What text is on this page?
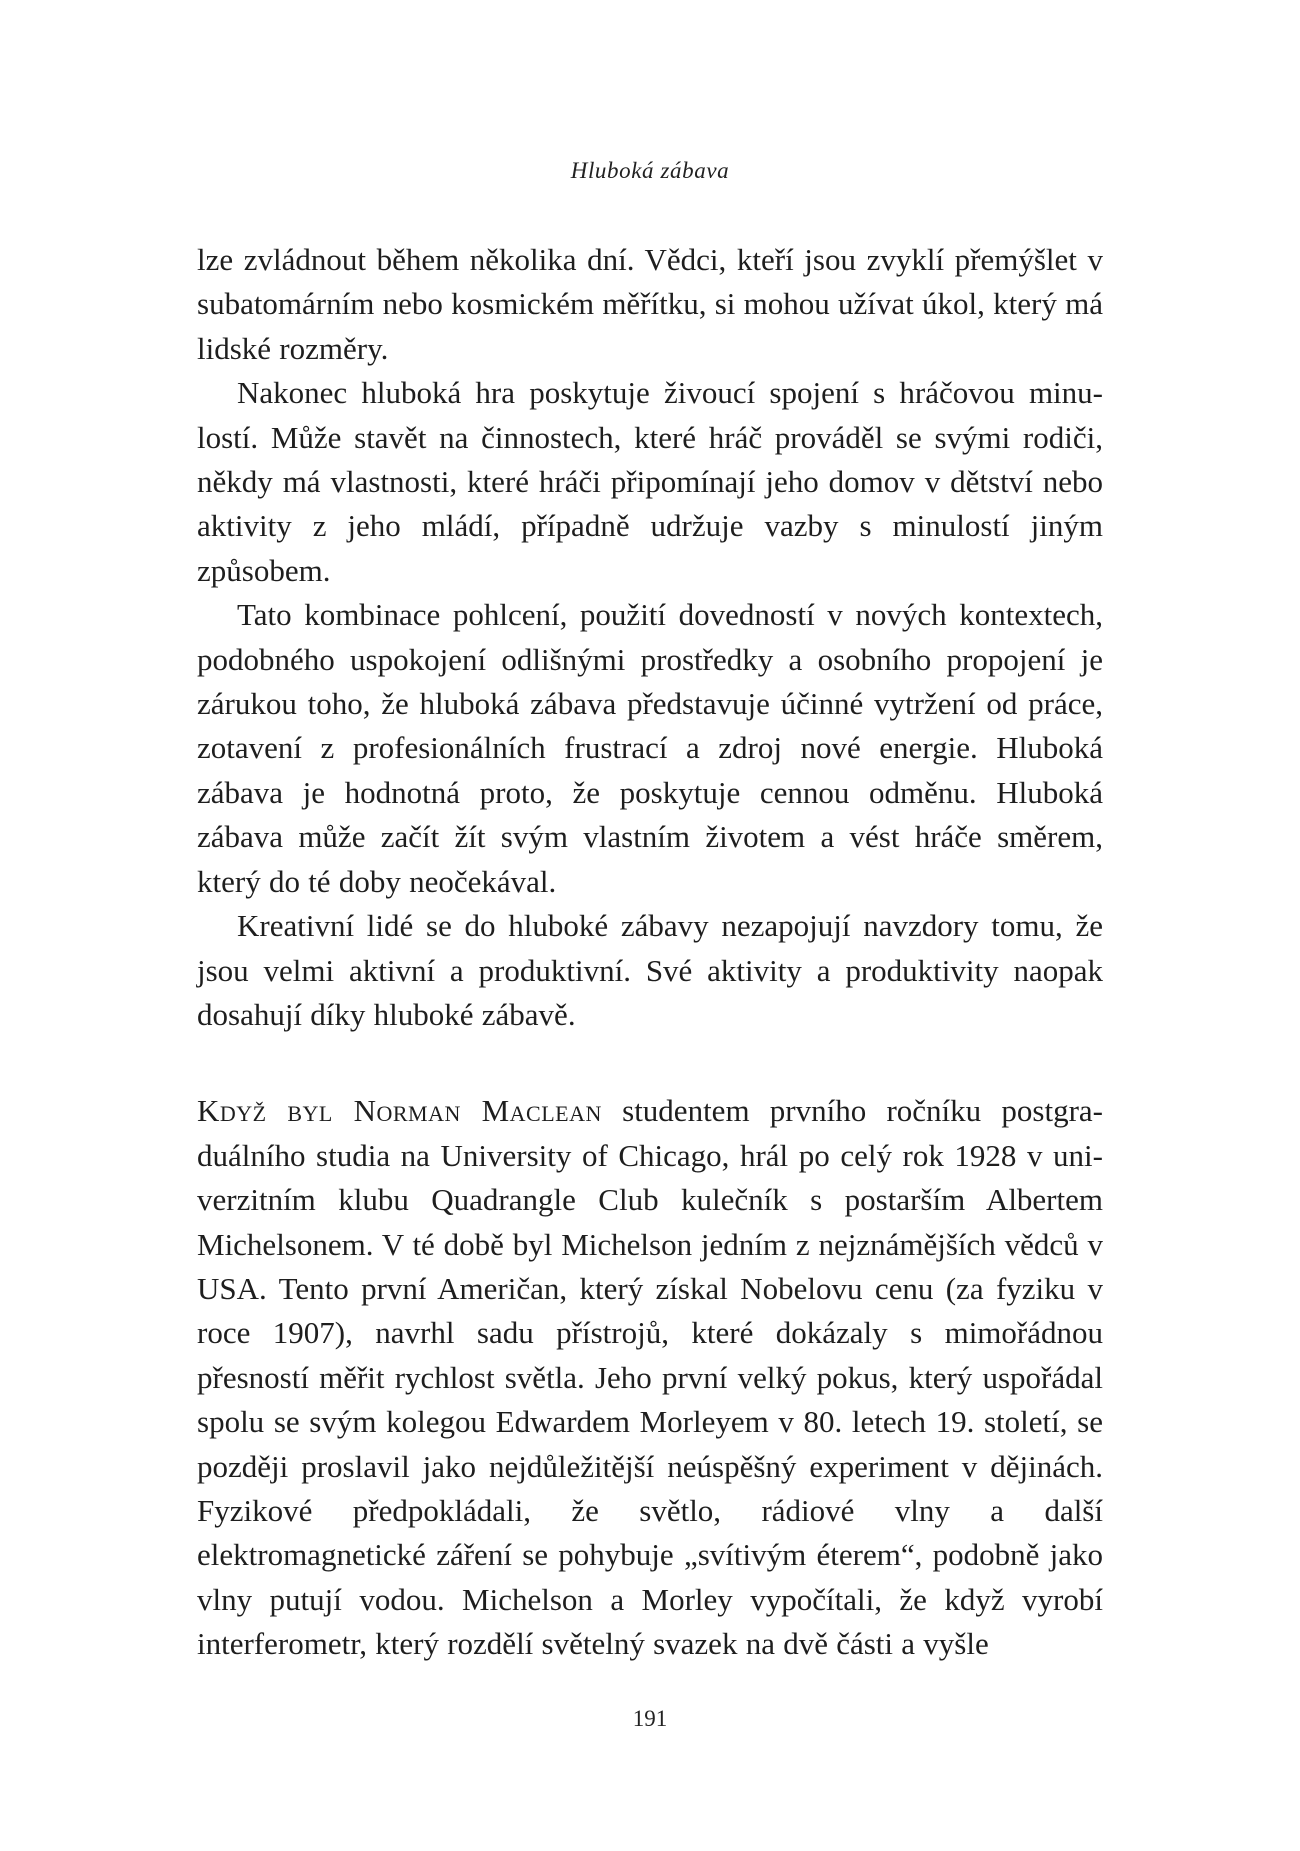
Hluboká zábava

lze zvládnout během několika dní. Vědci, kteří jsou zvyklí přemýšlet v subatomárním nebo kosmickém měřítku, si mohou užívat úkol, který má lidské rozměry.

Nakonec hluboká hra poskytuje živoucí spojení s hráčovou minulostí. Může stavět na činnostech, které hráč prováděl se svými rodiči, někdy má vlastnosti, které hráči připomínají jeho domov v dětství nebo aktivity z jeho mládí, případně udržuje vazby s minulostí jiným způsobem.

Tato kombinace pohlcení, použití dovedností v nových kontextech, podobného uspokojení odlišnými prostředky a osobního propojení je zárukou toho, že hluboká zábava představuje účinné vytržení od práce, zotavení z profesionálních frustrací a zdroj nové energie. Hluboká zábava je hodnotná proto, že poskytuje cennou odměnu. Hluboká zábava může začít žít svým vlastním životem a vést hráče směrem, který do té doby neočekával.

Kreativní lidé se do hluboké zábavy nezapojují navzdory tomu, že jsou velmi aktivní a produktivní. Své aktivity a produktivity naopak dosahují díky hluboké zábavě.

Když byl Norman Maclean studentem prvního ročníku postgraduálního studia na University of Chicago, hrál po celý rok 1928 v univerzitním klubu Quadrangle Club kulečník s postarším Albertem Michelsonem. V té době byl Michelson jedním z nejznámějších vědců v USA. Tento první Američan, který získal Nobelovu cenu (za fyziku v roce 1907), navrhl sadu přístrojů, které dokázaly s mimořádnou přesností měřit rychlost světla. Jeho první velký pokus, který uspořádal spolu se svým kolegou Edwardem Morleyem v 80. letech 19. století, se později proslavil jako nejdůležitější neúspěšný experiment v dějinách. Fyzikové předpokládali, že světlo, rádiové vlny a další elektromagnetické záření se pohybuje „svítivým éterem“, podobně jako vlny putují vodou. Michelson a Morley vypočítali, že když vyrobí interferometr, který rozdělí světelný svazek na dvě části a vyšle

191
